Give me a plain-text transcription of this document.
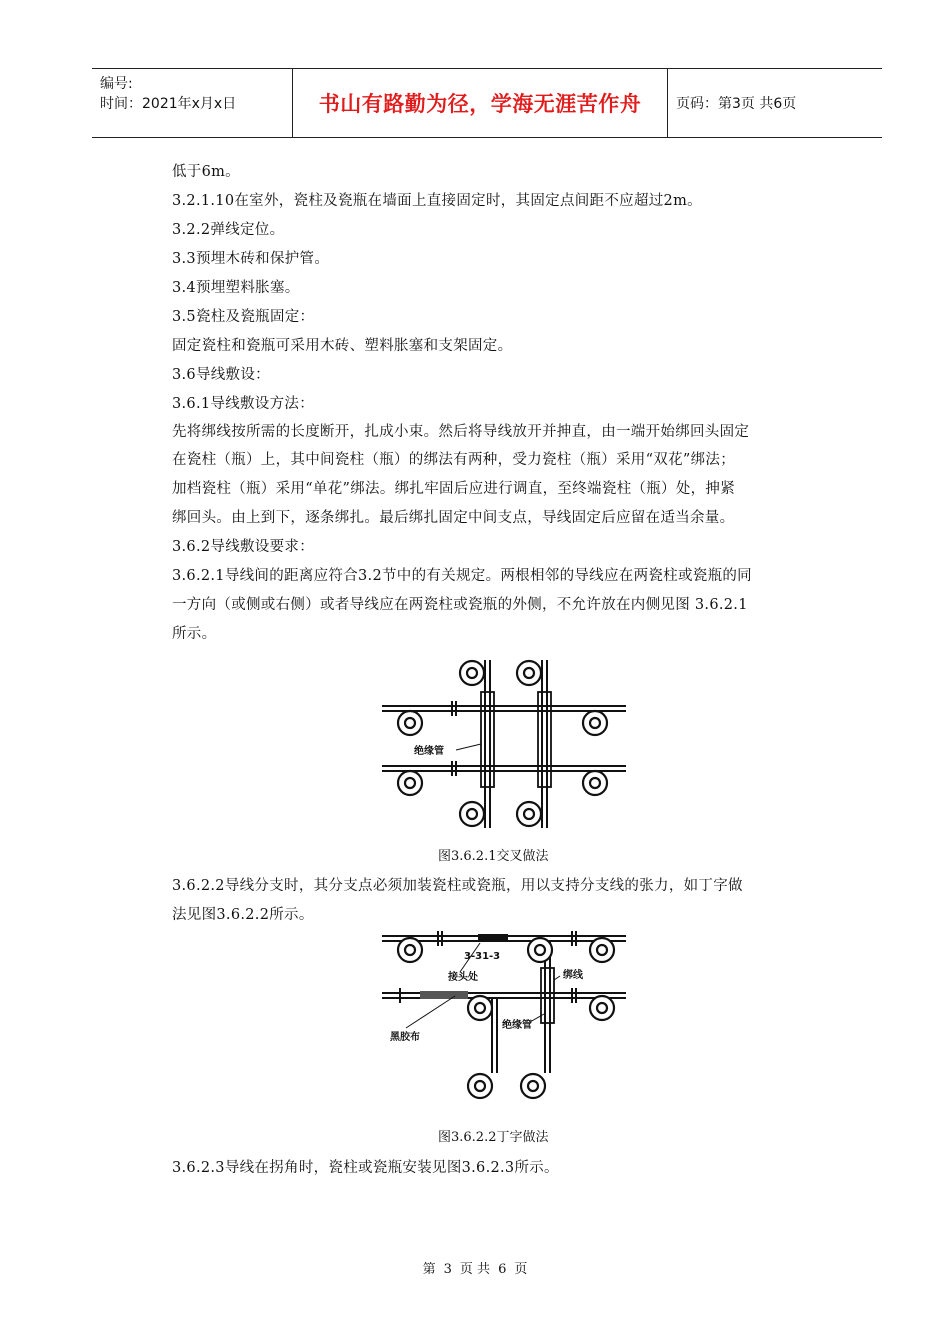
编号:
时间：2021年x月x日	书山有路勤为径，学海无涯苦作舟 页码：第3页 共6页
低于6m。
3.2.1.10在室外，瓷柱及瓷瓶在墙面上直接固定时，其固定点间距不应超过2m。
3.2.2弹线定位。
3.3预埋木砖和保护管。
3.4预埋塑料胀塞。
3.5瓷柱及瓷瓶固定：
固定瓷柱和瓷瓶可采用木砖、塑料胀塞和支架固定。
3.6导线敷设：
3.6.1导线敷设方法：
先将绑线按所需的长度断开，扎成小束。然后将导线放开并抻直，由一端开始绑回头固定
在瓷柱（瓶）上，其中间瓷柱（瓶）的绑法有两种，受力瓷柱（瓶）采用“双花”绑法；
加档瓷柱（瓶）采用“单花”绑法。绑扎牢固后应进行调直，至终端瓷柱（瓶）处，抻紧
绑回头。由上到下，逐条绑扎。最后绑扎固定中间支点，导线固定后应留在适当余量。
3.6.2导线敷设要求：
3.6.2.1导线间的距离应符合3.2节中的有关规定。两根相邻的导线应在两瓷柱或瓷瓶的同
一方向（或侧或右侧）或者导线应在两瓷柱或瓷瓶的外侧，不允许放在内侧见图 3.6.2.1
所示。
3.6.2.2导线分支时，其分支点必须加装瓷柱或瓷瓶，用以支持分支线的张力，如丁字做
法见图3.6.2.2所示。
3.6.2.3导线在拐角时，瓷柱或瓷瓶安装见图3.6.2.3所示。
绝缘管
图3.6.2.1交叉做法
3-31-3
接头处	绑线
绝缘管
黑胶布
图3.6.2.2丁字做法
第 3 页 共 6 页
